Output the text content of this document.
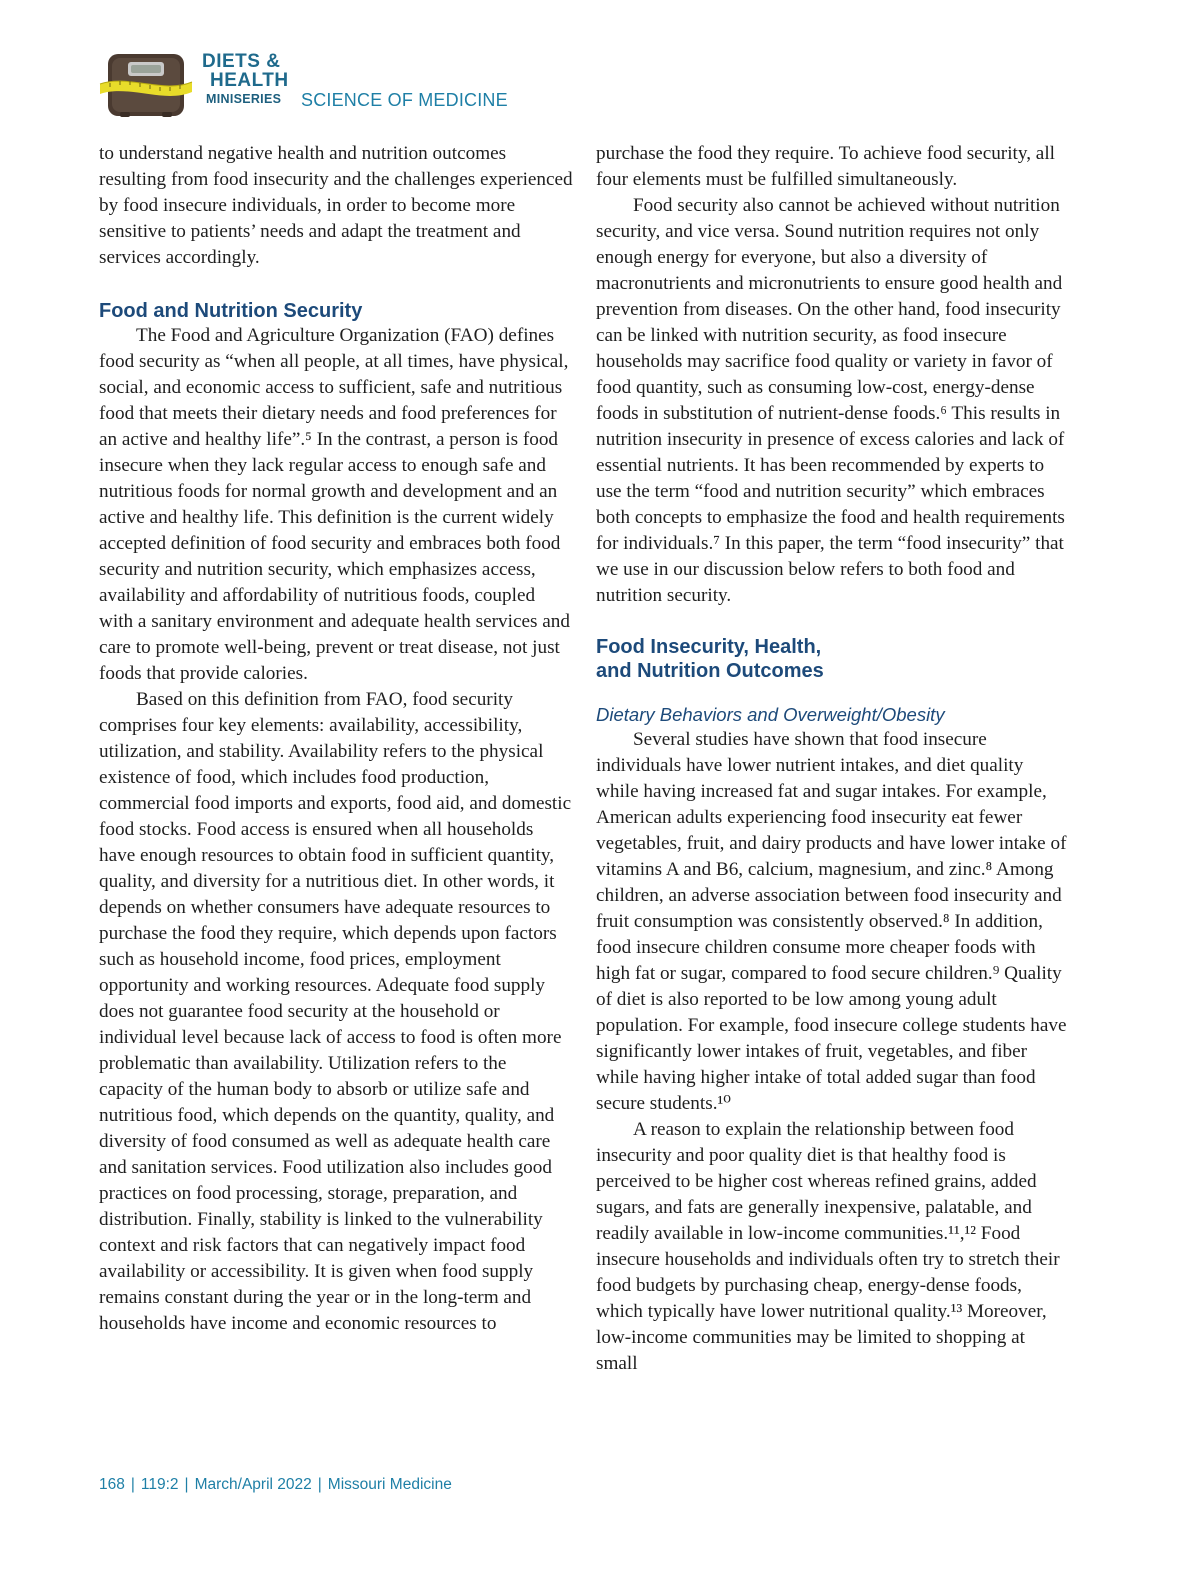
DIETS &
HEALTH
MINISERIES	SCIENCE OF MEDICINE

to understand negative health and nutrition outcomes resulting from food insecurity and the challenges experienced by food insecure individuals, in order to become more sensitive to patients’ needs and adapt the treatment and services accordingly.

Food and Nutrition Security

The Food and Agriculture Organization (FAO) defines food security as “when all people, at all times, have physical, social, and economic access to sufficient, safe and nutritious food that meets their dietary needs and food preferences for an active and healthy life”.⁵ In the contrast, a person is food insecure when they lack regular access to enough safe and nutritious foods for normal growth and development and an active and healthy life. This definition is the current widely accepted definition of food security and embraces both food security and nutrition security, which emphasizes access, availability and affordability of nutritious foods, coupled with a sanitary environment and adequate health services and care to promote well-being, prevent or treat disease, not just foods that provide calories.

Based on this definition from FAO, food security comprises four key elements: availability, accessibility, utilization, and stability. Availability refers to the physical existence of food, which includes food production, commercial food imports and exports, food aid, and domestic food stocks. Food access is ensured when all households have enough resources to obtain food in sufficient quantity, quality, and diversity for a nutritious diet. In other words, it depends on whether consumers have adequate resources to purchase the food they require, which depends upon factors such as household income, food prices, employment opportunity and working resources. Adequate food supply does not guarantee food security at the household or individual level because lack of access to food is often more problematic than availability. Utilization refers to the capacity of the human body to absorb or utilize safe and nutritious food, which depends on the quantity, quality, and diversity of food consumed as well as adequate health care and sanitation services. Food utilization also includes good practices on food processing, storage, preparation, and distribution. Finally, stability is linked to the vulnerability context and risk factors that can negatively impact food availability or accessibility. It is given when food supply remains constant during the year or in the long-term and households have income and economic resources to

purchase the food they require. To achieve food security, all four elements must be fulfilled simultaneously.

Food security also cannot be achieved without nutrition security, and vice versa. Sound nutrition requires not only enough energy for everyone, but also a diversity of macronutrients and micronutrients to ensure good health and prevention from diseases. On the other hand, food insecurity can be linked with nutrition security, as food insecure households may sacrifice food quality or variety in favor of food quantity, such as consuming low-cost, energy-dense foods in substitution of nutrient-dense foods.⁶ This results in nutrition insecurity in presence of excess calories and lack of essential nutrients. It has been recommended by experts to use the term “food and nutrition security” which embraces both concepts to emphasize the food and health requirements for individuals.⁷ In this paper, the term “food insecurity” that we use in our discussion below refers to both food and nutrition security.

Food Insecurity, Health,
and Nutrition Outcomes
Dietary Behaviors and Overweight/Obesity

Several studies have shown that food insecure individuals have lower nutrient intakes, and diet quality while having increased fat and sugar intakes. For example, American adults experiencing food insecurity eat fewer vegetables, fruit, and dairy products and have lower intake of vitamins A and B6, calcium, magnesium, and zinc.⁸ Among children, an adverse association between food insecurity and fruit consumption was consistently observed.⁸ In addition, food insecure children consume more cheaper foods with high fat or sugar, compared to food secure children.⁹ Quality of diet is also reported to be low among young adult population. For example, food insecure college students have significantly lower intakes of fruit, vegetables, and fiber while having higher intake of total added sugar than food secure students.¹⁰

A reason to explain the relationship between food insecurity and poor quality diet is that healthy food is perceived to be higher cost whereas refined grains, added sugars, and fats are generally inexpensive, palatable, and readily available in low-income communities.¹¹,¹² Food insecure households and individuals often try to stretch their food budgets by purchasing cheap, energy-dense foods, which typically have lower nutritional quality.¹³ Moreover, low-income communities may be limited to shopping at small

168 | 119:2 | March/April 2022 | Missouri Medicine
